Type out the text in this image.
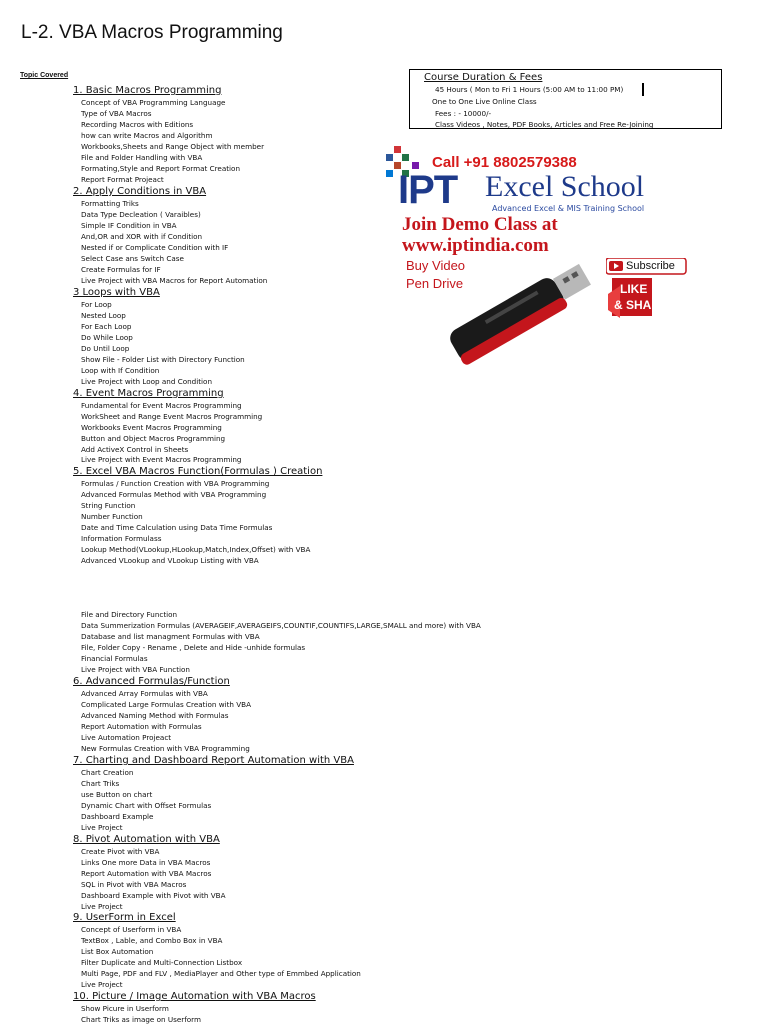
L-2. VBA Macros Programming
Topic Covered	Course Duration & Fees
45 Hours ( Mon to Fri 1 Hours (5:00 AM to 11:00 PM)
One to One Live Online Class
Fees : - 10000/-
Class Videos , Notes, PDF Books, Articles and Free Re-Joining
Call +91 8802579388
IPT Excel School
Advanced Excel & MIS Training School
Join Demo Class at
www.iptindia.com
Buy Video
Pen Drive
Subscribe
LIKE
& SHARE
1. Basic Macros Programming
Concept of VBA Programming Language
Type of VBA Macros
Recording Macros with Editions
how can write Macros and Algorithm
Workbooks,Sheets and Range Object with member
File and Folder Handling with VBA
Formating,Style and Report Format Creation
Report Format Projeact
2. Apply Conditions in VBA
Formatting Triks
Data Type Decleation ( Varaibles)
Simple IF Condition in VBA
And,OR and XOR with if Condition
Nested if or Complicate Condition with IF
Select Case ans Switch Case
Create Formulas for IF
Live Project with VBA Macros for Report Automation
3 Loops with VBA
For Loop
Nested Loop
For Each Loop
Do While Loop
Do Until Loop
Show File - Folder List with Directory Function
Loop with If Condition
Live Project with Loop and Condition
4. Event Macros Programming
Fundamental for Event Macros Programming
WorkSheet and Range Event Macros Programming
Workbooks Event Macros Programming
Button and Object Macros Programming
Add ActiveX Control in Sheets
Live Project with Event Macros Programming
5. Excel VBA Macros Function(Formulas ) Creation
Formulas / Function Creation with VBA Programming
Advanced Formulas Method with VBA Programming
String Function
Number Function
Date and Time Calculation using Data Time Formulas
Information Formulass
Lookup Method(VLookup,HLookup,Match,Index,Offset) with VBA
Advanced VLookup and VLookup Listing with VBA
File and Directory Function
Data Summerization Formulas (AVERAGEIF,AVERAGEIFS,COUNTIF,COUNTIFS,LARGE,SMALL and more) with VBA
Database and list managment Formulas with VBA
File, Folder Copy - Rename , Delete and Hide -unhide formulas
Financial Formulas
Live Project with VBA Function
6. Advanced Formulas/Function
Advanced Array Formulas with VBA
Complicated Large Formulas Creation with VBA
Advanced Naming Method with Formulas
Report Automation with Formulas
Live Automation Projeact
New Formulas Creation with VBA Programming
7. Charting and Dashboard Report Automation with VBA
Chart Creation
Chart Triks
use Button on chart
Dynamic Chart with Offset Formulas
Dashboard Example
Live Project
8. Pivot Automation with VBA
Create Pivot with VBA
Links One more Data in VBA Macros
Report Automation with VBA Macros
SQL in Pivot with VBA Macros
Dashboard Example with Pivot with VBA
Live Project
9. UserForm in Excel
Concept of Userform in VBA
TextBox , Lable, and Combo Box in VBA
List Box Automation
Filter Duplicate and Multi-Connection Listbox
Multi Page, PDF and FLV , MediaPlayer and Other type of Emmbed Application
Live Project
10. Picture / Image Automation with VBA Macros
Show Picure in Userform
Chart Triks as image on Userform
